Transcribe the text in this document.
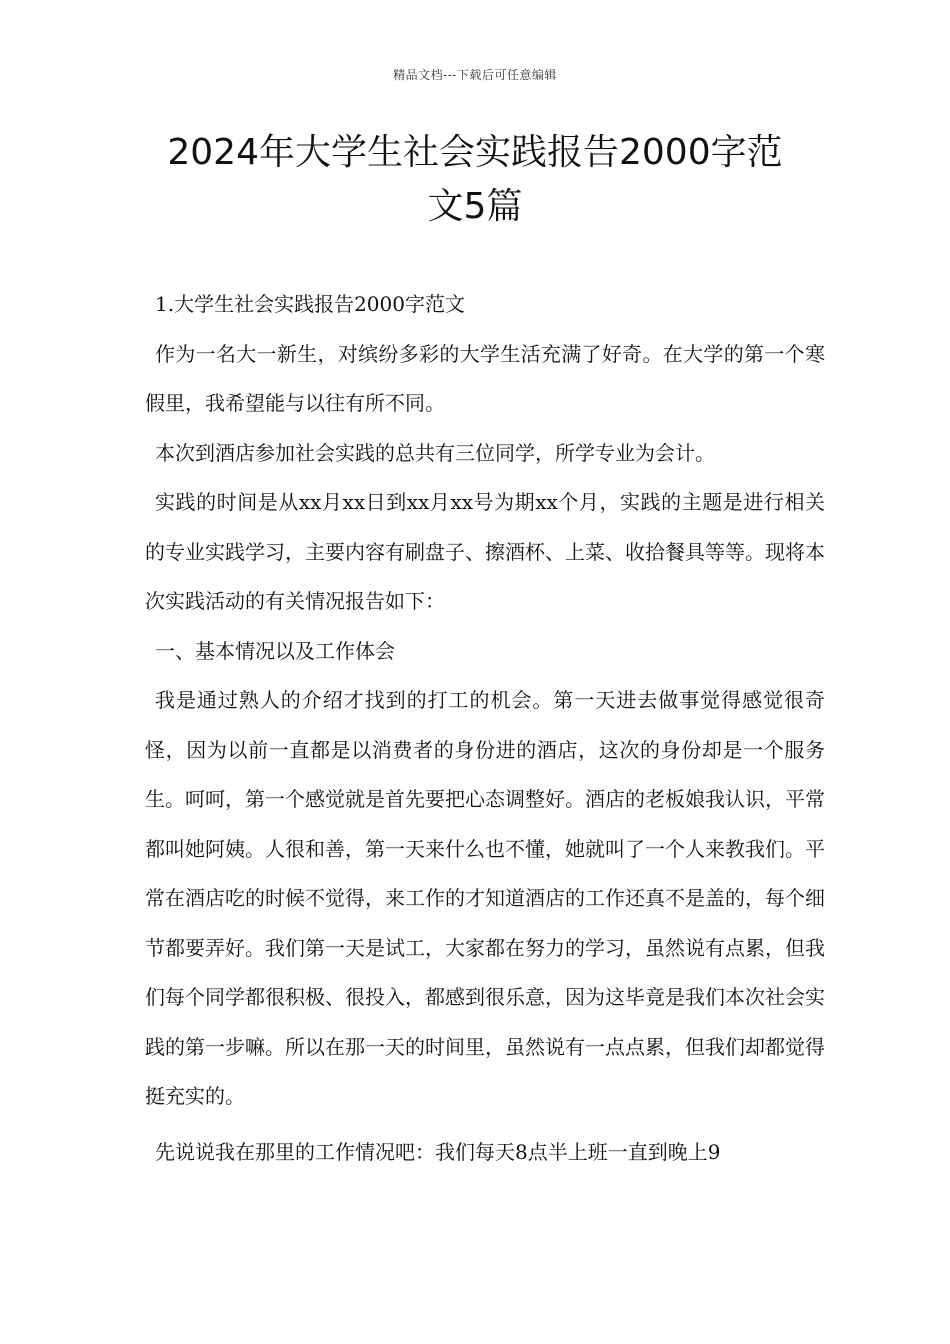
精品文档---下载后可任意编辑
2024年大学生社会实践报告2000字范
文5篇

1.大学生社会实践报告2000字范文

作为一名大一新生，对缤纷多彩的大学生活充满了好奇。在大学的第一个寒假里，我希望能与以往有所不同。

本次到酒店参加社会实践的总共有三位同学，所学专业为会计。

实践的时间是从xx月xx日到xx月xx号为期xx个月，实践的主题是进行相关的专业实践学习，主要内容有刷盘子、擦酒杯、上菜、收拾餐具等等。现将本次实践活动的有关情况报告如下：

一、基本情况以及工作体会

我是通过熟人的介绍才找到的打工的机会。第一天进去做事觉得感觉很奇怪，因为以前一直都是以消费者的身份进的酒店，这次的身份却是一个服务生。呵呵，第一个感觉就是首先要把心态调整好。酒店的老板娘我认识，平常都叫她阿姨。人很和善，第一天来什么也不懂，她就叫了一个人来教我们。平常在酒店吃的时候不觉得，来工作的才知道酒店的工作还真不是盖的，每个细节都要弄好。我们第一天是试工，大家都在努力的学习，虽然说有点累，但我们每个同学都很积极、很投入，都感到很乐意，因为这毕竟是我们本次社会实践的第一步嘛。所以在那一天的时间里，虽然说有一点点累，但我们却都觉得挺充实的。

先说说我在那里的工作情况吧：我们每天8点半上班一直到晚上9
